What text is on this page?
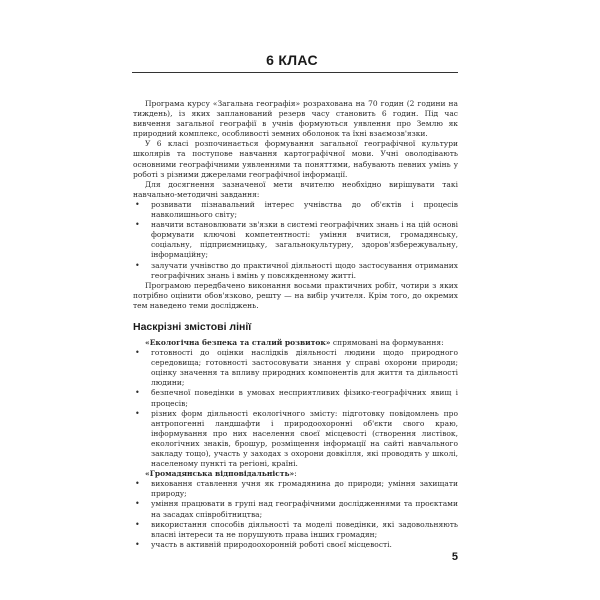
6 КЛАС

Програма курсу «Загальна географія» розрахована на 70 годин (2 години на тиждень), із яких запланований резерв часу становить 6 годин. Під час вивчення загальної географії в учнів формуються уявлення про Землю як природний комплекс, особливості земних оболонок та їхні взаємозв'язки.

У 6 класі розпочинається формування загальної географічної культури школярів та поступове навчання картографічної мови. Учні оволодівають основними географічними уявленнями та поняттями, набувають певних умінь у роботі з різними джерелами географічної інформації.

Для досягнення зазначеної мети вчителю необхідно вирішувати такі навчально-методичні завдання:

• розвивати пізнавальний інтерес учнівства до об'єктів і процесів навколишнього світу;
• навчити встановлювати зв'язки в системі географічних знань і на цій основі формувати ключові компетентності: уміння вчитися, громадянську, соціальну, підприємницьку, загальнокультурну, здоров'язбережувальну, інформаційну;
• залучати учнівство до практичної діяльності щодо застосування отриманих географічних знань і вмінь у повсякденному житті.

Програмою передбачено виконання восьми практичних робіт, чотири з яких потрібно оцінити обов'язково, решту — на вибір учителя. Крім того, до окремих тем наведено теми досліджень.

Наскрізні змістові лінії

«Екологічна безпека та сталий розвиток» спрямовані на формування:

• готовності до оцінки наслідків діяльності людини щодо природного середовища; готовності застосовувати знання у справі охорони природи; оцінку значення та впливу природних компонентів для життя та діяльності людини;
• безпечної поведінки в умовах несприятливих фізико-географічних явищ і процесів;
• різних форм діяльності екологічного змісту: підготовку повідомлень про антропогенні ландшафти і природоохоронні об'єкти свого краю, інформування про них населення своєї місцевості (створення листівок, екологічних знаків, брошур, розміщення інформації на сайті навчального закладу тощо), участь у заходах з охорони довкілля, які проводять у школі, населеному пункті та регіоні, країні.

«Громадянська відповідальність»:

• виховання ставлення учня як громадянина до природи; уміння захищати природу;
• уміння працювати в групі над географічними дослідженнями та проєктами на засадах співробітництва;
• використання способів діяльності та моделі поведінки, які задовольняють власні інтереси та не порушують права інших громадян;
• участь в активній природоохоронній роботі своєї місцевості.
5
